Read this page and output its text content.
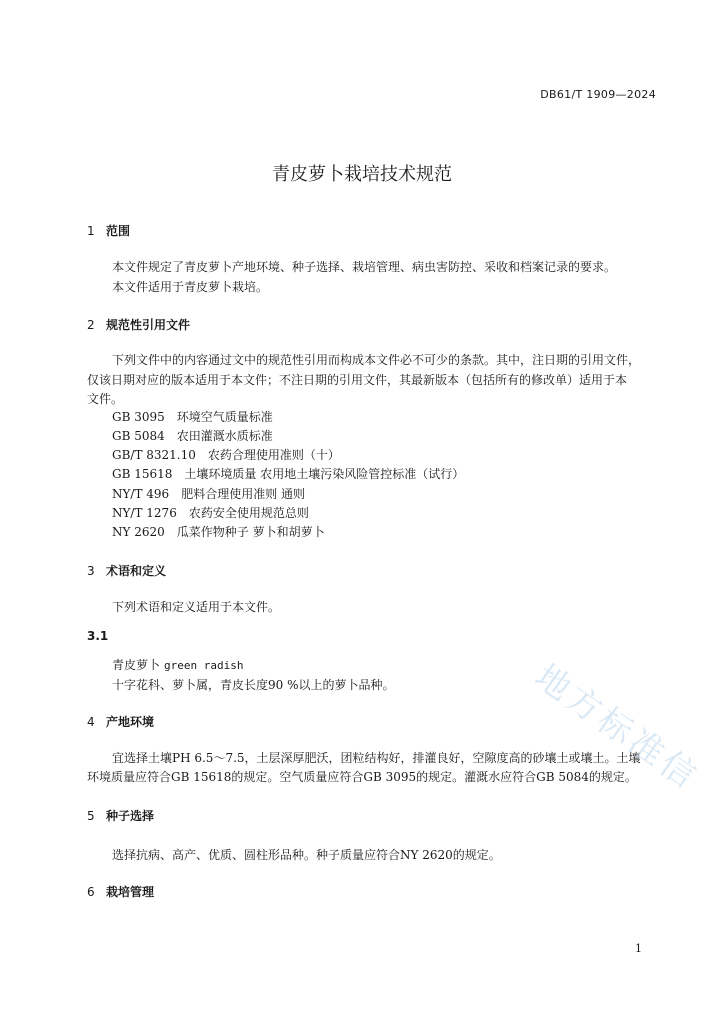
DB61/T 1909—2024
青皮萝卜栽培技术规范
1 范围
本文件规定了青皮萝卜产地环境、种子选择、栽培管理、病虫害防控、采收和档案记录的要求。
本文件适用于青皮萝卜栽培。
2 规范性引用文件
下列文件中的内容通过文中的规范性引用而构成本文件必不可少的条款。其中，注日期的引用文件，
仅该日期对应的版本适用于本文件；不注日期的引用文件，其最新版本（包括所有的修改单）适用于本
文件。
GB 3095　环境空气质量标准
GB 5084　农田灌溉水质标准
GB/T 8321.10　农药合理使用准则（十）
GB 15618　土壤环境质量 农用地土壤污染风险管控标准（试行）
NY/T 496　肥料合理使用准则 通则
NY/T 1276　农药安全使用规范总则
NY 2620　瓜菜作物种子 萝卜和胡萝卜
3 术语和定义
下列术语和定义适用于本文件。
3.1
青皮萝卜 green radish
十字花科、萝卜属，青皮长度90 %以上的萝卜品种。
4 产地环境
宜选择土壤PH 6.5～7.5，土层深厚肥沃，团粒结构好，排灌良好，空隙度高的砂壤土或壤土。土壤
环境质量应符合GB 15618的规定。空气质量应符合GB 3095的规定。灌溉水应符合GB 5084的规定。
5 种子选择
选择抗病、高产、优质、圆柱形品种。种子质量应符合NY 2620的规定。
6 栽培管理
地方标准信
1
